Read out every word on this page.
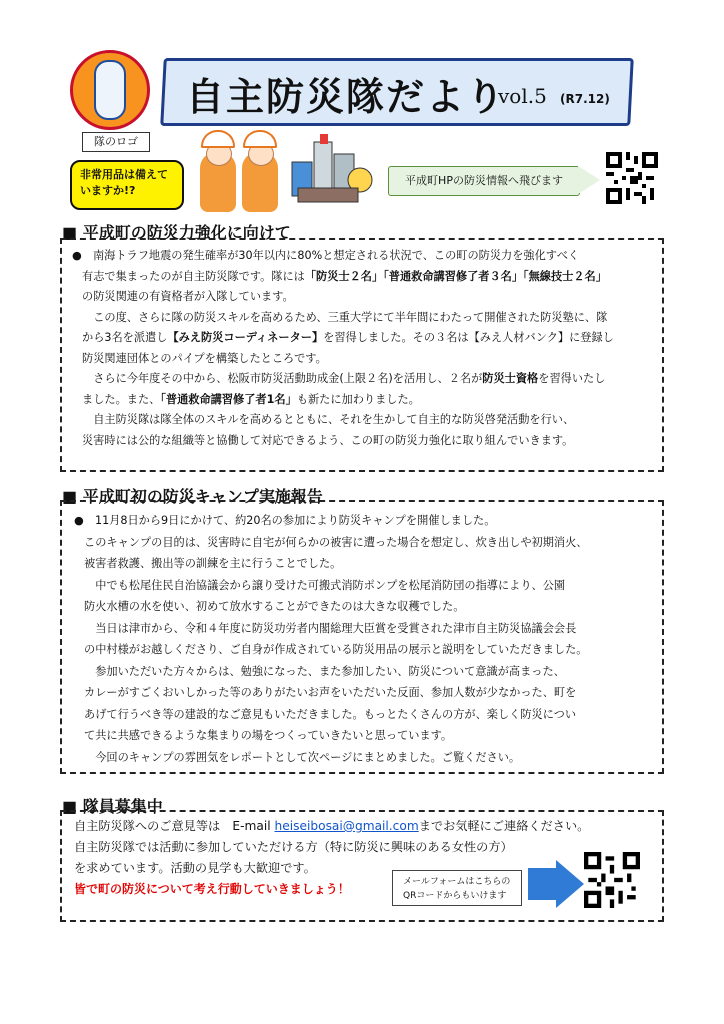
隊のロゴ
自主防災隊だより
vol.5 (R7.12)
非常用品は備えていますか!?
平成町HPの防災情報へ飛びます
■ 平成町の防災力強化に向けて
●　南海トラフ地震の発生確率が30年以内に80%と想定される状況で、この町の防災力を強化すべく
有志で集まったのが自主防災隊です。隊には「防災士２名」「普通救命講習修了者３名」「無線技士２名」
の防災関連の有資格者が入隊しています。
　この度、さらに隊の防災スキルを高めるため、三重大学にて半年間にわたって開催された防災塾に、隊
から3名を派遣し【みえ防災コーディネーター】を習得しました。その３名は【みえ人材バンク】に登録し
防災関連団体とのパイプを構築したところです。
　さらに今年度その中から、松阪市防災活動助成金(上限２名)を活用し、２名が防災士資格を習得いたし
ました。また、「普通救命講習修了者1名」も新たに加わりました。
　自主防災隊は隊全体のスキルを高めるとともに、それを生かして自主的な防災啓発活動を行い、
災害時には公的な組織等と協働して対応できるよう、この町の防災力強化に取り組んでいきます。
■ 平成町初の防災キャンプ実施報告
●　11月8日から9日にかけて、約20名の参加により防災キャンプを開催しました。
このキャンプの目的は、災害時に自宅が何らかの被害に遭った場合を想定し、炊き出しや初期消火、
被害者救護、搬出等の訓練を主に行うことでした。
　中でも松尾住民自治協議会から譲り受けた可搬式消防ポンプを松尾消防団の指導により、公園
防火水槽の水を使い、初めて放水することができたのは大きな収穫でした。
　当日は津市から、令和４年度に防災功労者内閣総理大臣賞を受賞された津市自主防災協議会会長
の中村様がお越しくださり、ご自身が作成されている防災用品の展示と説明をしていただきました。
　参加いただいた方々からは、勉強になった、また参加したい、防災について意識が高まった、
カレーがすごくおいしかった等のありがたいお声をいただいた反面、参加人数が少なかった、町を
あげて行うべき等の建設的なご意見もいただきました。もっとたくさんの方が、楽しく防災につい
て共に共感できるような集まりの場をつくっていきたいと思っています。
　今回のキャンプの雰囲気をレポートとして次ページにまとめました。ご覧ください。
■ 隊員募集中
自主防災隊へのご意見等は　E-mail heiseibosai@gmail.comまでお気軽にご連絡ください。
自主防災隊では活動に参加していただける方（特に防災に興味のある女性の方）
を求めています。活動の見学も大歓迎です。
皆で町の防災について考え行動していきましょう！	メールフォームはこちらの
QRコードからもいけます
